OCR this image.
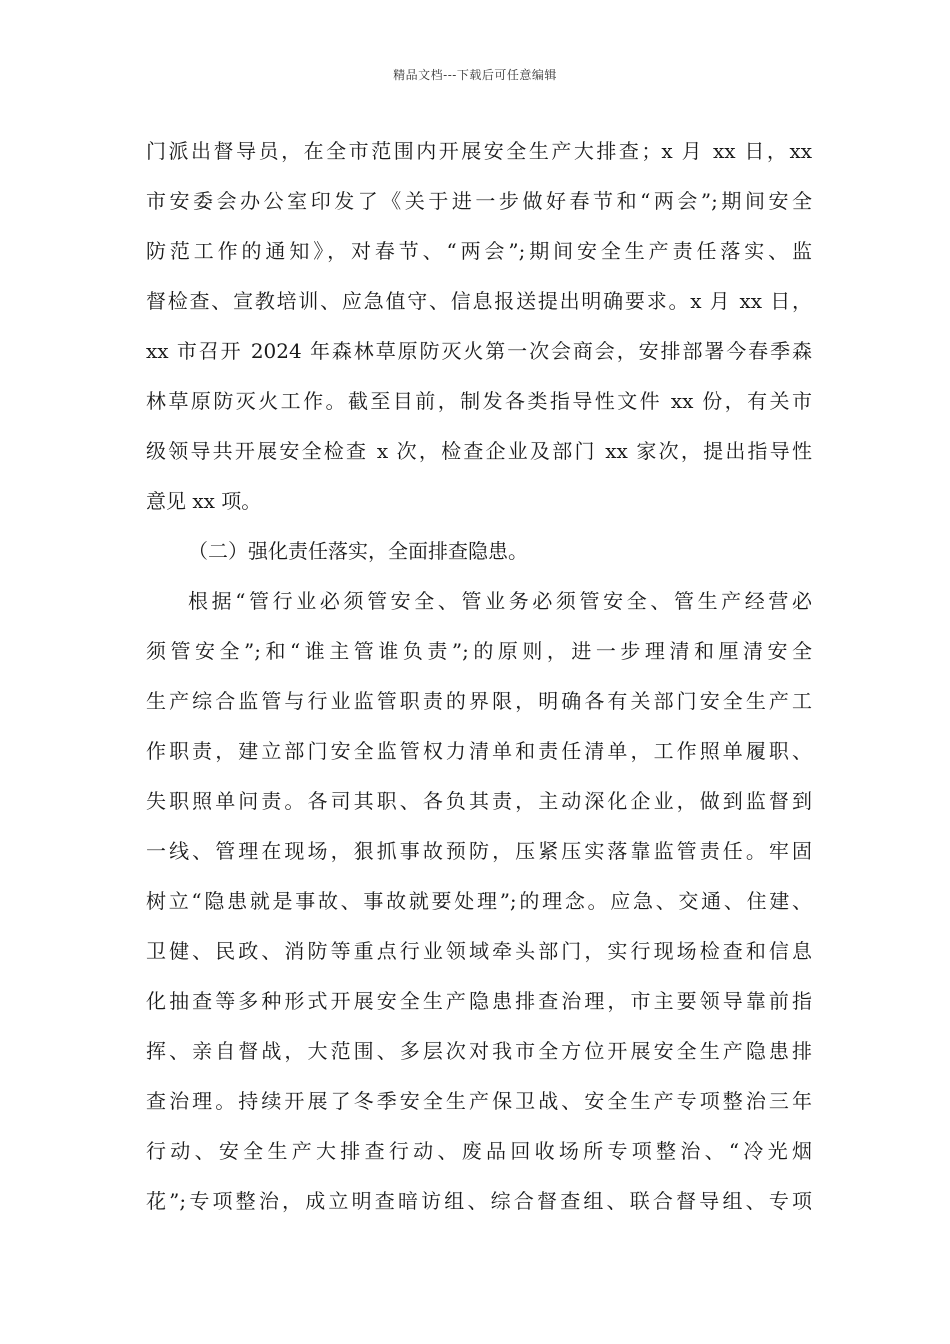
精品文档---下载后可任意编辑
门派出督导员，在全市范围内开展安全生产大排查；x 月 xx 日，xx
市安委会办公室印发了《关于进一步做好春节和“两会”;期间安全
防范工作的通知》，对春节、“两会”;期间安全生产责任落实、监
督检查、宣教培训、应急值守、信息报送提出明确要求。x 月 xx 日，
xx 市召开 2024 年森林草原防灭火第一次会商会，安排部署今春季森
林草原防灭火工作。截至目前，制发各类指导性文件 xx 份，有关市
级领导共开展安全检查 x 次，检查企业及部门 xx 家次，提出指导性
意见 xx 项。
（二）强化责任落实，全面排查隐患。
根据“管行业必须管安全、管业务必须管安全、管生产经营必
须管安全”;和“谁主管谁负责”;的原则，进一步理清和厘清安全
生产综合监管与行业监管职责的界限，明确各有关部门安全生产工
作职责，建立部门安全监管权力清单和责任清单，工作照单履职、
失职照单问责。各司其职、各负其责，主动深化企业，做到监督到
一线、管理在现场，狠抓事故预防，压紧压实落靠监管责任。牢固
树立“隐患就是事故、事故就要处理”;的理念。应急、交通、住建、
卫健、民政、消防等重点行业领域牵头部门，实行现场检查和信息
化抽查等多种形式开展安全生产隐患排查治理，市主要领导靠前指
挥、亲自督战，大范围、多层次对我市全方位开展安全生产隐患排
查治理。持续开展了冬季安全生产保卫战、安全生产专项整治三年
行动、安全生产大排查行动、废品回收场所专项整治、“冷光烟
花”;专项整治，成立明查暗访组、综合督查组、联合督导组、专项
